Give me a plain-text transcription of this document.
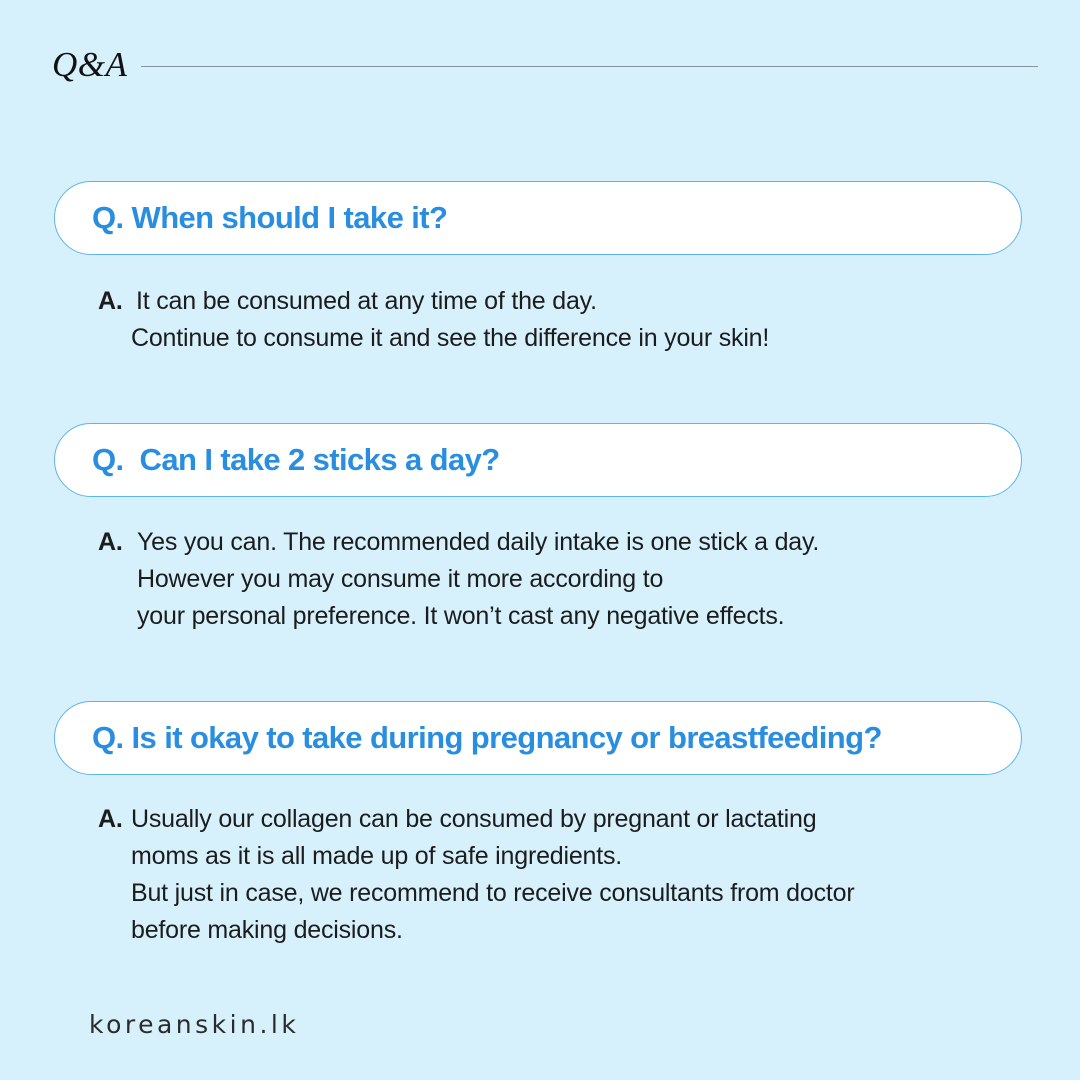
Q&A
Q. When should I take it?
A. It can be consumed at any time of the day.
Continue to consume it and see the difference in your skin!
Q.  Can I take 2 sticks a day?
A. Yes you can. The recommended daily intake is one stick a day.
However you may consume it more according to
your personal preference. It won’t cast any negative effects.
Q. Is it okay to take during pregnancy or breastfeeding?
A. Usually our collagen can be consumed by pregnant or lactating
moms as it is all made up of safe ingredients.
But just in case, we recommend to receive consultants from doctor
before making decisions.
koreanskin.lk
